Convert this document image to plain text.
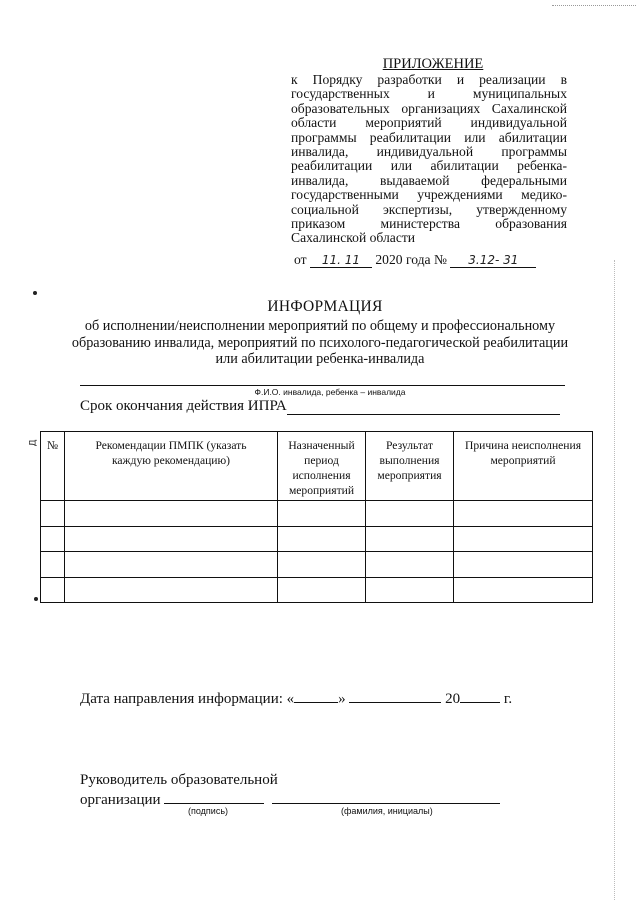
Д
ПРИЛОЖЕНИЕ
к Порядку разработки и реализации в государственных и муниципальных образовательных организациях Сахалинской области мероприятий индивидуальной программы реабилитации или абилитации инвалида, индивидуальной программы реабилитации или абилитации ребенка-инвалида, выдаваемой федеральными государственными учреждениями медико-социальной экспертизы, утвержденному приказом министерства образования Сахалинской области
от 11. 11 2020 года № 3.12- 31
ИНФОРМАЦИЯ
об исполнении/неисполнении мероприятий по общему и профессиональному образованию инвалида, мероприятий по психолого-педагогической реабилитации или абилитации ребенка-инвалида
Ф.И.О. инвалида, ребенка – инвалида
Срок окончания действия ИПРА
№	Рекомендации ПМПК (указать каждую рекомендацию)	Назначенный период исполнения мероприятий	Результат выполнения мероприятия	Причина неисполнения мероприятий

Дата направления информации: «	»	20	г.
Руководитель образовательной
организации
(подпись)	(фамилия, инициалы)
